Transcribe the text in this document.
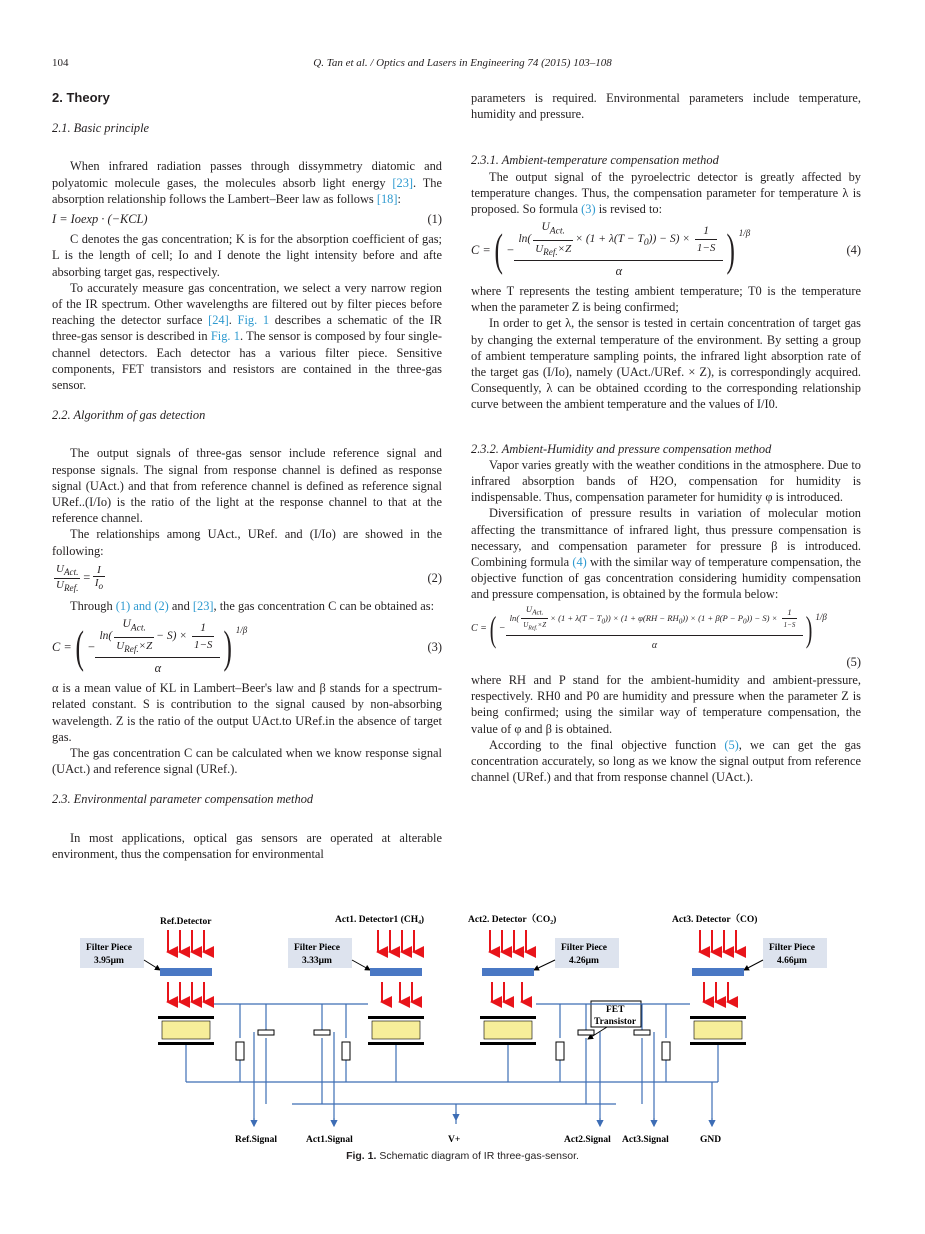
104	Q. Tan et al. / Optics and Lasers in Engineering 74 (2015) 103–108
2. Theory
2.1. Basic principle

When infrared radiation passes through dissymmetry diatomic and polyatomic molecule gases, the molecules absorb light energy [23]. The absorption relationship follows the Lambert–Beer law as follows [18]:

I = Ioexp · (−KCL)	(1)

C denotes the gas concentration; K is for the absorption coefficient of gas; L is the length of cell; Io and I denote the light intensity before and afte absorbing target gas, respectively.

To accurately measure gas concentration, we select a very narrow region of the IR spectrum. Other wavelengths are filtered out by filter pieces before reaching the detector surface [24]. Fig. 1 describes a schematic of the IR three-gas sensor is described in Fig. 1. The sensor is composed by four single-channel detectors. Each detector has a various filter piece. Sensitive components, FET transistors and resistors are contained in the three-gas sensor.

2.2. Algorithm of gas detection

The output signals of three-gas sensor include reference signal and response signals. The signal from response channel is defined as response signal (UAct.) and that from reference channel is defined as reference signal URef..(I/Io) is the ratio of the light at the response channel to that at the reference channel.

The relationships among UAct., URef. and (I/Io) are showed in the following:

$\frac{U_{Act.}}{U_{Ref.}} = \frac{I}{I_o}$	(2)

Through (1) and (2) and [23], the gas concentration C can be obtained as:

C = ( −
$\ln( \frac{U_{Act.}}{U_{Ref.}\times Z} - S) \times \frac{1}{1-S}$
α	) 1/β
(3)

α is a mean value of KL in Lambert–Beer's law and β stands for a spectrum-related constant. S is contribution to the signal caused by non-absorbing wavelength. Z is the ratio of the output UAct.to URef.in the absence of target gas.

The gas concentration C can be calculated when we know response signal (UAct.) and reference signal (URef.).

2.3. Environmental parameter compensation method

In most applications, optical gas sensors are operated at alterable environment, thus the compensation for environmental

parameters is required. Environmental parameters include temperature, humidity and pressure.

2.3.1. Ambient-temperature compensation method

The output signal of the pyroelectric detector is greatly affected by temperature changes. Thus, the compensation parameter for temperature λ is proposed. So formula (3) is revised to:

C = ( −
$\ln( \frac{U_{Act.}}{U_{Ref.}\times Z} \times (1 + \lambda(T - T_0)) - S) \times \frac{1}{1-S}$
α	) 1/β
(4)

where T represents the testing ambient temperature; T0 is the temperature when the parameter Z is being confirmed;

In order to get λ, the sensor is tested in certain concentration of target gas by changing the external temperature of the environment. By setting a group of ambient temperature sampling points, the infrared light absorption rate of the target gas (I/Io), namely (UAct./URef. × Z), is correspondingly acquired. Consequently, λ can be obtained ccording to the corresponding relationship curve between the ambient temperature and the values of I/I0.

2.3.2. Ambient-Humidity and pressure compensation method

Vapor varies greatly with the weather conditions in the atmosphere. Due to infrared absorption bands of H2O, compensation for humidity is indispensable. Thus, compensation parameter for humidity φ is introduced.

Diversification of pressure results in variation of molecular motion affecting the transmittance of infrared light, thus pressure compensation is necessary, and compensation parameter for pressure β is introduced. Combining formula (4) with the similar way of temperature compensation, the objective function of gas concentration considering humidity compensation and pressure compensation, is obtained by the formula below:

C = ( −
$\ln( \frac{U_{Act.}}{U_{Ref.}\times Z} \times (1 + \lambda(T - T_0)) \times (1 + \varphi(RH - RH_0)) \times (1 + \beta(P - P_0)) - S) \times \frac{1}{1-S}$
α	) 1/β
(5)

where RH and P stand for the ambient-humidity and ambient-pressure, respectively. RH0 and P0 are humidity and pressure when the parameter Z is being confirmed; using the similar way of temperature compensation, the value of φ and β is obtained.

According to the final objective function (5), we can get the gas concentration accurately, so long as we know the signal output from reference channel (URef.) and that from response channel (UAct.).

Ref.Detector	Act1. Detector1 (CH₄)	Act2. Detector（CO₂)	Act3. Detector（CO)
Filter Piece
3.95μm
Filter Piece
3.33μm
Filter Piece
4.26μm
Filter Piece
4.66μm
FET
Transistor
Ref.Signal	Act1.Signal	V+	Act2.Signal Act3.Signal	GND
Fig. 1. Schematic diagram of IR three-gas-sensor.
